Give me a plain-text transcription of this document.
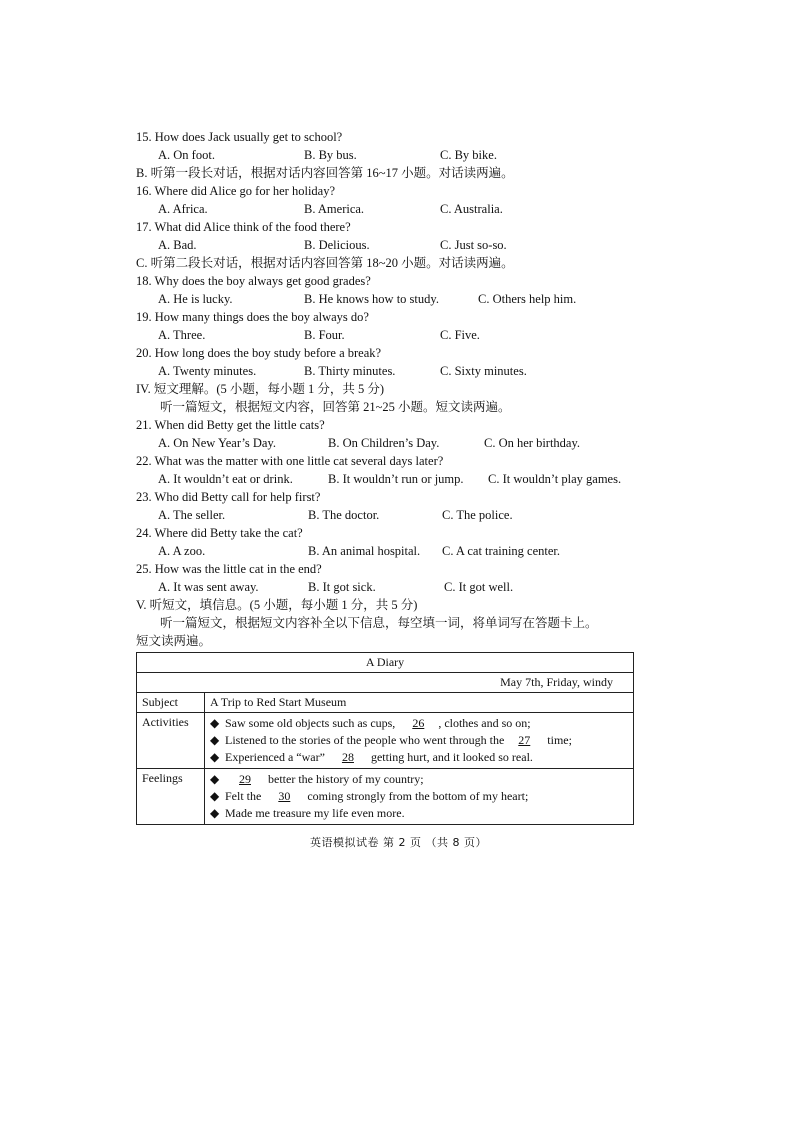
15. How does Jack usually get to school?
A. On foot.	B. By bus.	C. By bike.
B. 听第一段长对话，根据对话内容回答第 16~17 小题。对话读两遍。
16. Where did Alice go for her holiday?
A. Africa.	B. America.	C. Australia.
17. What did Alice think of the food there?
A. Bad.	B. Delicious.	C. Just so-so.
C. 听第二段长对话，根据对话内容回答第 18~20 小题。对话读两遍。
18. Why does the boy always get good grades?
A. He is lucky.	B. He knows how to study.	C. Others help him.
19. How many things does the boy always do?
A. Three.	B. Four.	C. Five.
20. How long does the boy study before a break?
A. Twenty minutes.	B. Thirty minutes.	C. Sixty minutes.
IV. 短文理解。(5 小题，每小题 1 分，共 5 分)
听一篇短文，根据短文内容，回答第 21~25 小题。短文读两遍。
21. When did Betty get the little cats?
A. On New Year’s Day.	B. On Children’s Day.	C. On her birthday.
22. What was the matter with one little cat several days later?
A. It wouldn’t eat or drink.	B. It wouldn’t run or jump. C. It wouldn’t play games.
23. Who did Betty call for help first?
A. The seller.	B. The doctor.	C. The police.
24. Where did Betty take the cat?
A. A zoo.	B. An animal hospital. C. A cat training center.
25. How was the little cat in the end?
A. It was sent away.	B. It got sick.	C. It got well.
V. 听短文，填信息。(5 小题，每小题 1 分，共 5 分)
听一篇短文，根据短文内容补全以下信息，每空填一词，将单词写在答题卡上。
短文读两遍。
A Diary	
May 7th, Friday, windy	
Subject	A Trip to Red Start Museum
Activities	◆ Saw some old objects such as cups, 26 , clothes and so on;
◆ Listened to the stories of the people who went through the 27 time;
◆ Experienced a “war” 28 getting hurt, and it looked so real.

Feelings	◆ 29 better the history of my country;
◆ Felt the 30 coming strongly from the bottom of my heart;
◆ Made me treasure my life even more.
英语模拟试卷 第 2 页 （共 8 页）
